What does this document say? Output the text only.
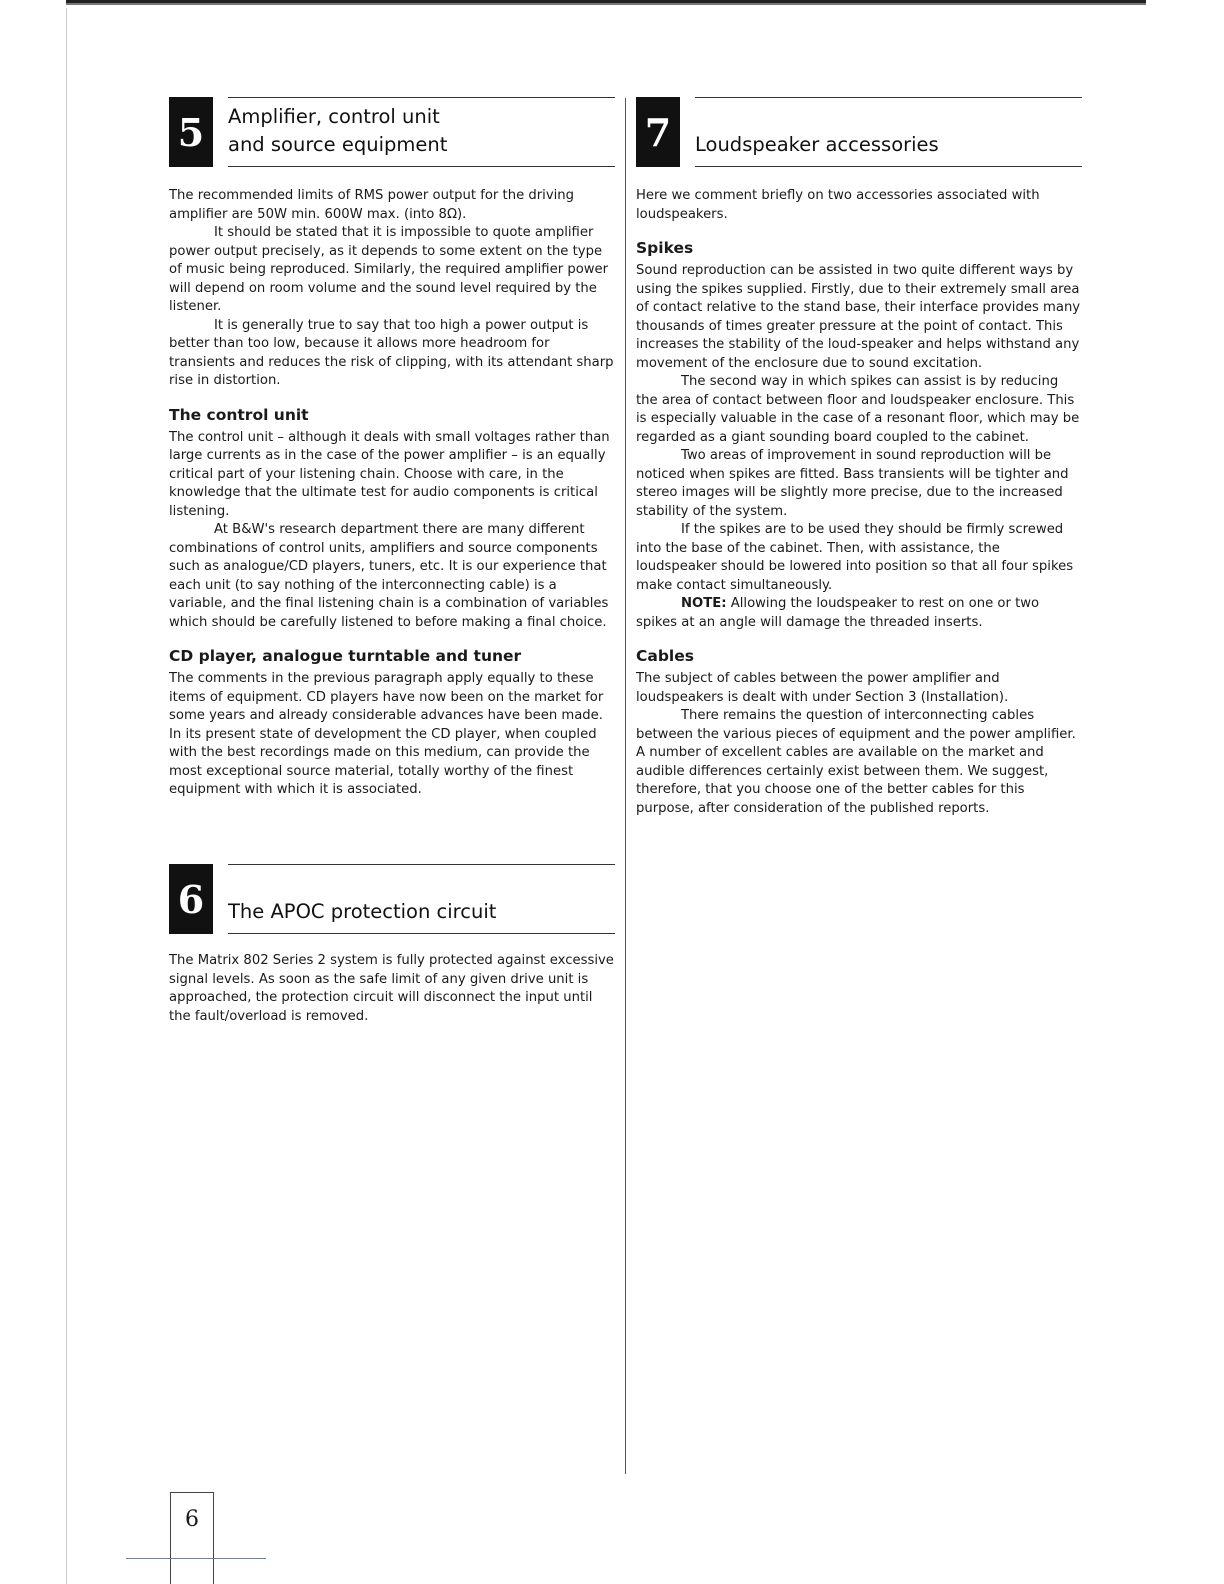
5	Amplifier, control unit
and source equipment

The recommended limits of RMS power output for the driving amplifier are 50W min. 600W max. (into 8Ω).

It should be stated that it is impossible to quote amplifier power output precisely, as it depends to some extent on the type of music being reproduced. Similarly, the required amplifier power will depend on room volume and the sound level required by the listener.

It is generally true to say that too high a power output is better than too low, because it allows more headroom for transients and reduces the risk of clipping, with its attendant sharp rise in distortion.

The control unit

The control unit – although it deals with small voltages rather than large currents as in the case of the power amplifier – is an equally critical part of your listening chain. Choose with care, in the knowledge that the ultimate test for audio components is critical listening.

At B&W's research department there are many different combinations of control units, amplifiers and source components such as analogue/CD players, tuners, etc. It is our experience that each unit (to say nothing of the interconnecting cable) is a variable, and the final listening chain is a combination of variables which should be carefully listened to before making a final choice.

CD player, analogue turntable and tuner

The comments in the previous paragraph apply equally to these items of equipment. CD players have now been on the market for some years and already considerable advances have been made. In its present state of development the CD player, when coupled with the best recordings made on this medium, can provide the most exceptional source material, totally worthy of the finest equipment with which it is associated.

6	The APOC protection circuit

The Matrix 802 Series 2 system is fully protected against excessive signal levels. As soon as the safe limit of any given drive unit is approached, the protection circuit will disconnect the input until the fault/overload is removed.

7	Loudspeaker accessories

Here we comment briefly on two accessories associated with loudspeakers.

Spikes

Sound reproduction can be assisted in two quite different ways by using the spikes supplied. Firstly, due to their extremely small area of contact relative to the stand base, their interface provides many thousands of times greater pressure at the point of contact. This increases the stability of the loud-speaker and helps withstand any movement of the enclosure due to sound excitation.

The second way in which spikes can assist is by reducing the area of contact between floor and loudspeaker enclosure. This is especially valuable in the case of a resonant floor, which may be regarded as a giant sounding board coupled to the cabinet.

Two areas of improvement in sound reproduction will be noticed when spikes are fitted. Bass transients will be tighter and stereo images will be slightly more precise, due to the increased stability of the system.

If the spikes are to be used they should be firmly screwed into the base of the cabinet. Then, with assistance, the loudspeaker should be lowered into position so that all four spikes make contact simultaneously.

NOTE: Allowing the loudspeaker to rest on one or two spikes at an angle will damage the threaded inserts.

Cables

The subject of cables between the power amplifier and loudspeakers is dealt with under Section 3 (Installation).

There remains the question of interconnecting cables between the various pieces of equipment and the power amplifier. A number of excellent cables are available on the market and audible differences certainly exist between them. We suggest, therefore, that you choose one of the better cables for this purpose, after consideration of the published reports.

6
